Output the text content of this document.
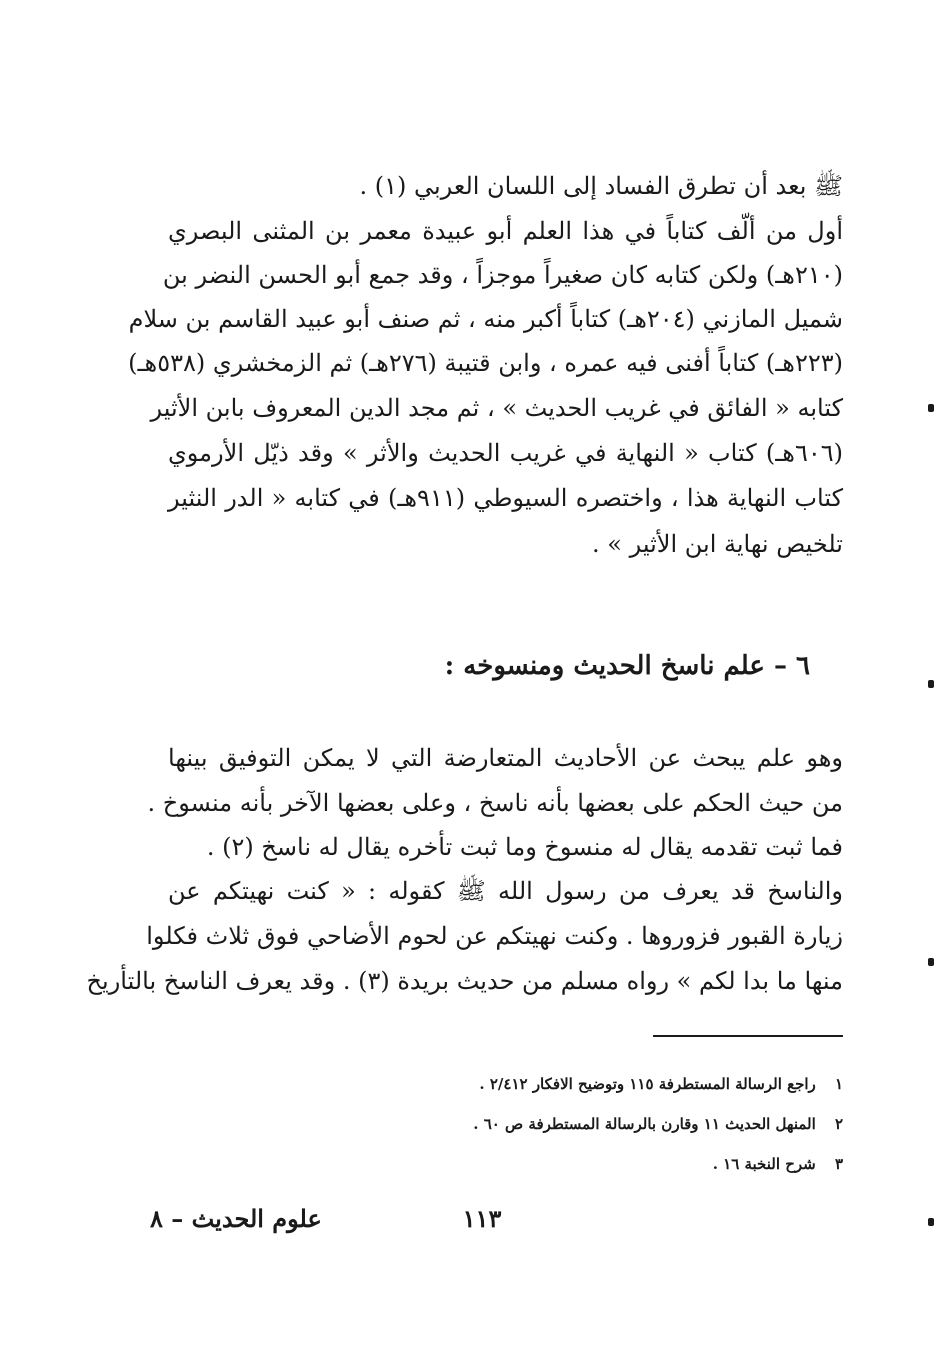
ﷺ بعد أن تطرق الفساد إلى اللسان العربي (١) .
أول من ألّف كتاباً في هذا العلم أبو عبيدة معمر بن المثنى البصري
(٢١٠هـ) ولكن كتابه كان صغيراً موجزاً ، وقد جمع أبو الحسن النضر بن
شميل المازني (٢٠٤هـ) كتاباً أكبر منه ، ثم صنف أبو عبيد القاسم بن سلام
(٢٢٣هـ) كتاباً أفنى فيه عمره ، وابن قتيبة (٢٧٦هـ) ثم الزمخشري (٥٣٨هـ)
كتابه « الفائق في غريب الحديث » ، ثم مجد الدين المعروف بابن الأثير
(٦٠٦هـ) كتاب « النهاية في غريب الحديث والأثر » وقد ذيّل الأرموي
كتاب النهاية هذا ، واختصره السيوطي (٩١١هـ) في كتابه « الدر النثير
تلخيص نهاية ابن الأثير » .
٦ – علم ناسخ الحديث ومنسوخه :
وهو علم يبحث عن الأحاديث المتعارضة التي لا يمكن التوفيق بينها
من حيث الحكم على بعضها بأنه ناسخ ، وعلى بعضها الآخر بأنه منسوخ .
فما ثبت تقدمه يقال له منسوخ وما ثبت تأخره يقال له ناسخ (٢) .
والناسخ قد يعرف من رسول الله ﷺ كقوله : « كنت نهيتكم عن
زيارة القبور فزوروها . وكنت نهيتكم عن لحوم الأضاحي فوق ثلاث فكلوا
منها ما بدا لكم » رواه مسلم من حديث بريدة (٣) . وقد يعرف الناسخ بالتأريخ
١ راجع الرسالة المستطرفة ١١٥ وتوضيح الافكار ٢/٤١٢ .
٢ المنهل الحديث ١١ وقارن بالرسالة المستطرفة ص ٦٠ .
٣ شرح النخبة ١٦ .
١١٣
علوم الحديث – ٨
